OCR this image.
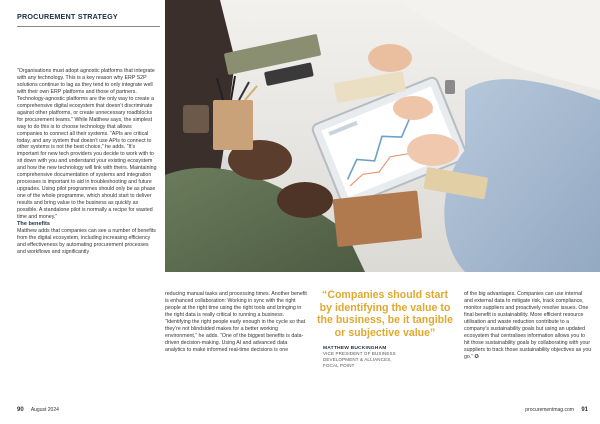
PROCUREMENT STRATEGY

“Organisations must adopt agnostic platforms that integrate with any technology. This is a key reason why ERP S2P solutions continue to lag as they tend to only integrate well with their own ERP platforms and those of partners. Technology-agnostic platforms are the only way to create a comprehensive digital ecosystem that doesn’t discriminate against other platforms, or create unnecessary roadblocks for procurement teams.” While Matthew says, the simplest way to do this is to choose technology that allows companies to connect all their systems. “APIs are critical today, and any system that doesn’t use APIs to connect to other systems is not the best choice,” he adds. “It’s important for new tech providers you decide to work with to sit down with you and understand your existing ecosystem and how the new technology will link with theirs. Maintaining comprehensive documentation of systems and integration processes is important to aid in troubleshooting and future upgrades. Using pilot programmes should only be as phase one of the whole programme, which should start to deliver results and bring value to the business as quickly as possible. A standalone pilot is normally a recipe for wasted time and money.”

The benefits

Matthew adds that companies can see a number of benefits from the digital ecosystem, including increasing efficiency and effectiveness by automating procurement processes and workflows and significantly

reducing manual tasks and processing times. Another benefit is enhanced collaboration: Working in sync with the right people at the right time using the right tools and bringing in the right data is really critical to running a business. “Identifying the right people early enough in the cycle so that they’re not blindsided makes for a better working environment,” he adds. “One of the biggest benefits is data-driven decision-making. Using AI and advanced data analytics to make informed real-time decisions is one

“Companies should start by identifying the value to the business, be it tangible or subjective value”
MATTHEW BUCKINGHAM
VICE PRESIDENT OF BUSINESS
DEVELOPMENT & ALLIANCES,
FOCAL POINT

of the big advantages. Companies can use internal and external data to mitigate risk, track compliance, monitor suppliers and proactively resolve issues. One final benefit is sustainability. More efficient resource utilisation and waste reduction contribute to a company’s sustainability goals but using an updated ecosystem that centralises information allows you to hit those sustainability goals by collaborating with your suppliers to track those sustainability objectives as you go.” ✪

90 August 2024	procurementmag.com 91
